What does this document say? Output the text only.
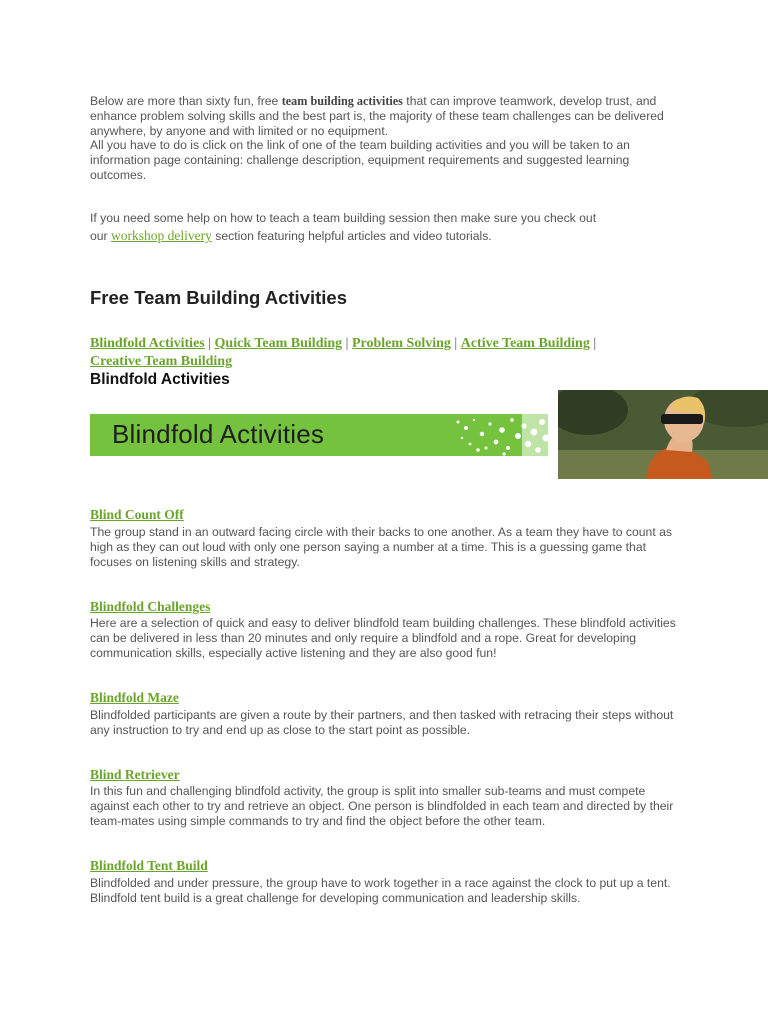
Below are more than sixty fun, free team building activities that can improve teamwork, develop trust, and enhance problem solving skills and the best part is, the majority of these team challenges can be delivered anywhere, by anyone and with limited or no equipment.

All you have to do is click on the link of one of the team building activities and you will be taken to an information page containing: challenge description, equipment requirements and suggested learning outcomes.

If you need some help on how to teach a team building session then make sure you check out

our workshop delivery section featuring helpful articles and video tutorials.

Free Team Building Activities

Blindfold Activities | Quick Team Building | Problem Solving | Active Team Building | Creative Team Building

Blindfold Activities
Blindfold Activities

Blind Count Off

The group stand in an outward facing circle with their backs to one another. As a team they have to count as high as they can out loud with only one person saying a number at a time. This is a guessing game that focuses on listening skills and strategy.

Blindfold Challenges

Here are a selection of quick and easy to deliver blindfold team building challenges. These blindfold activities can be delivered in less than 20 minutes and only require a blindfold and a rope. Great for developing communication skills, especially active listening and they are also good fun!

Blindfold Maze

Blindfolded participants are given a route by their partners, and then tasked with retracing their steps without any instruction to try and end up as close to the start point as possible.

Blind Retriever

In this fun and challenging blindfold activity, the group is split into smaller sub-teams and must compete against each other to try and retrieve an object. One person is blindfolded in each team and directed by their team-mates using simple commands to try and find the object before the other team.

Blindfold Tent Build

Blindfolded and under pressure, the group have to work together in a race against the clock to put up a tent. Blindfold tent build is a great challenge for developing communication and leadership skills.
